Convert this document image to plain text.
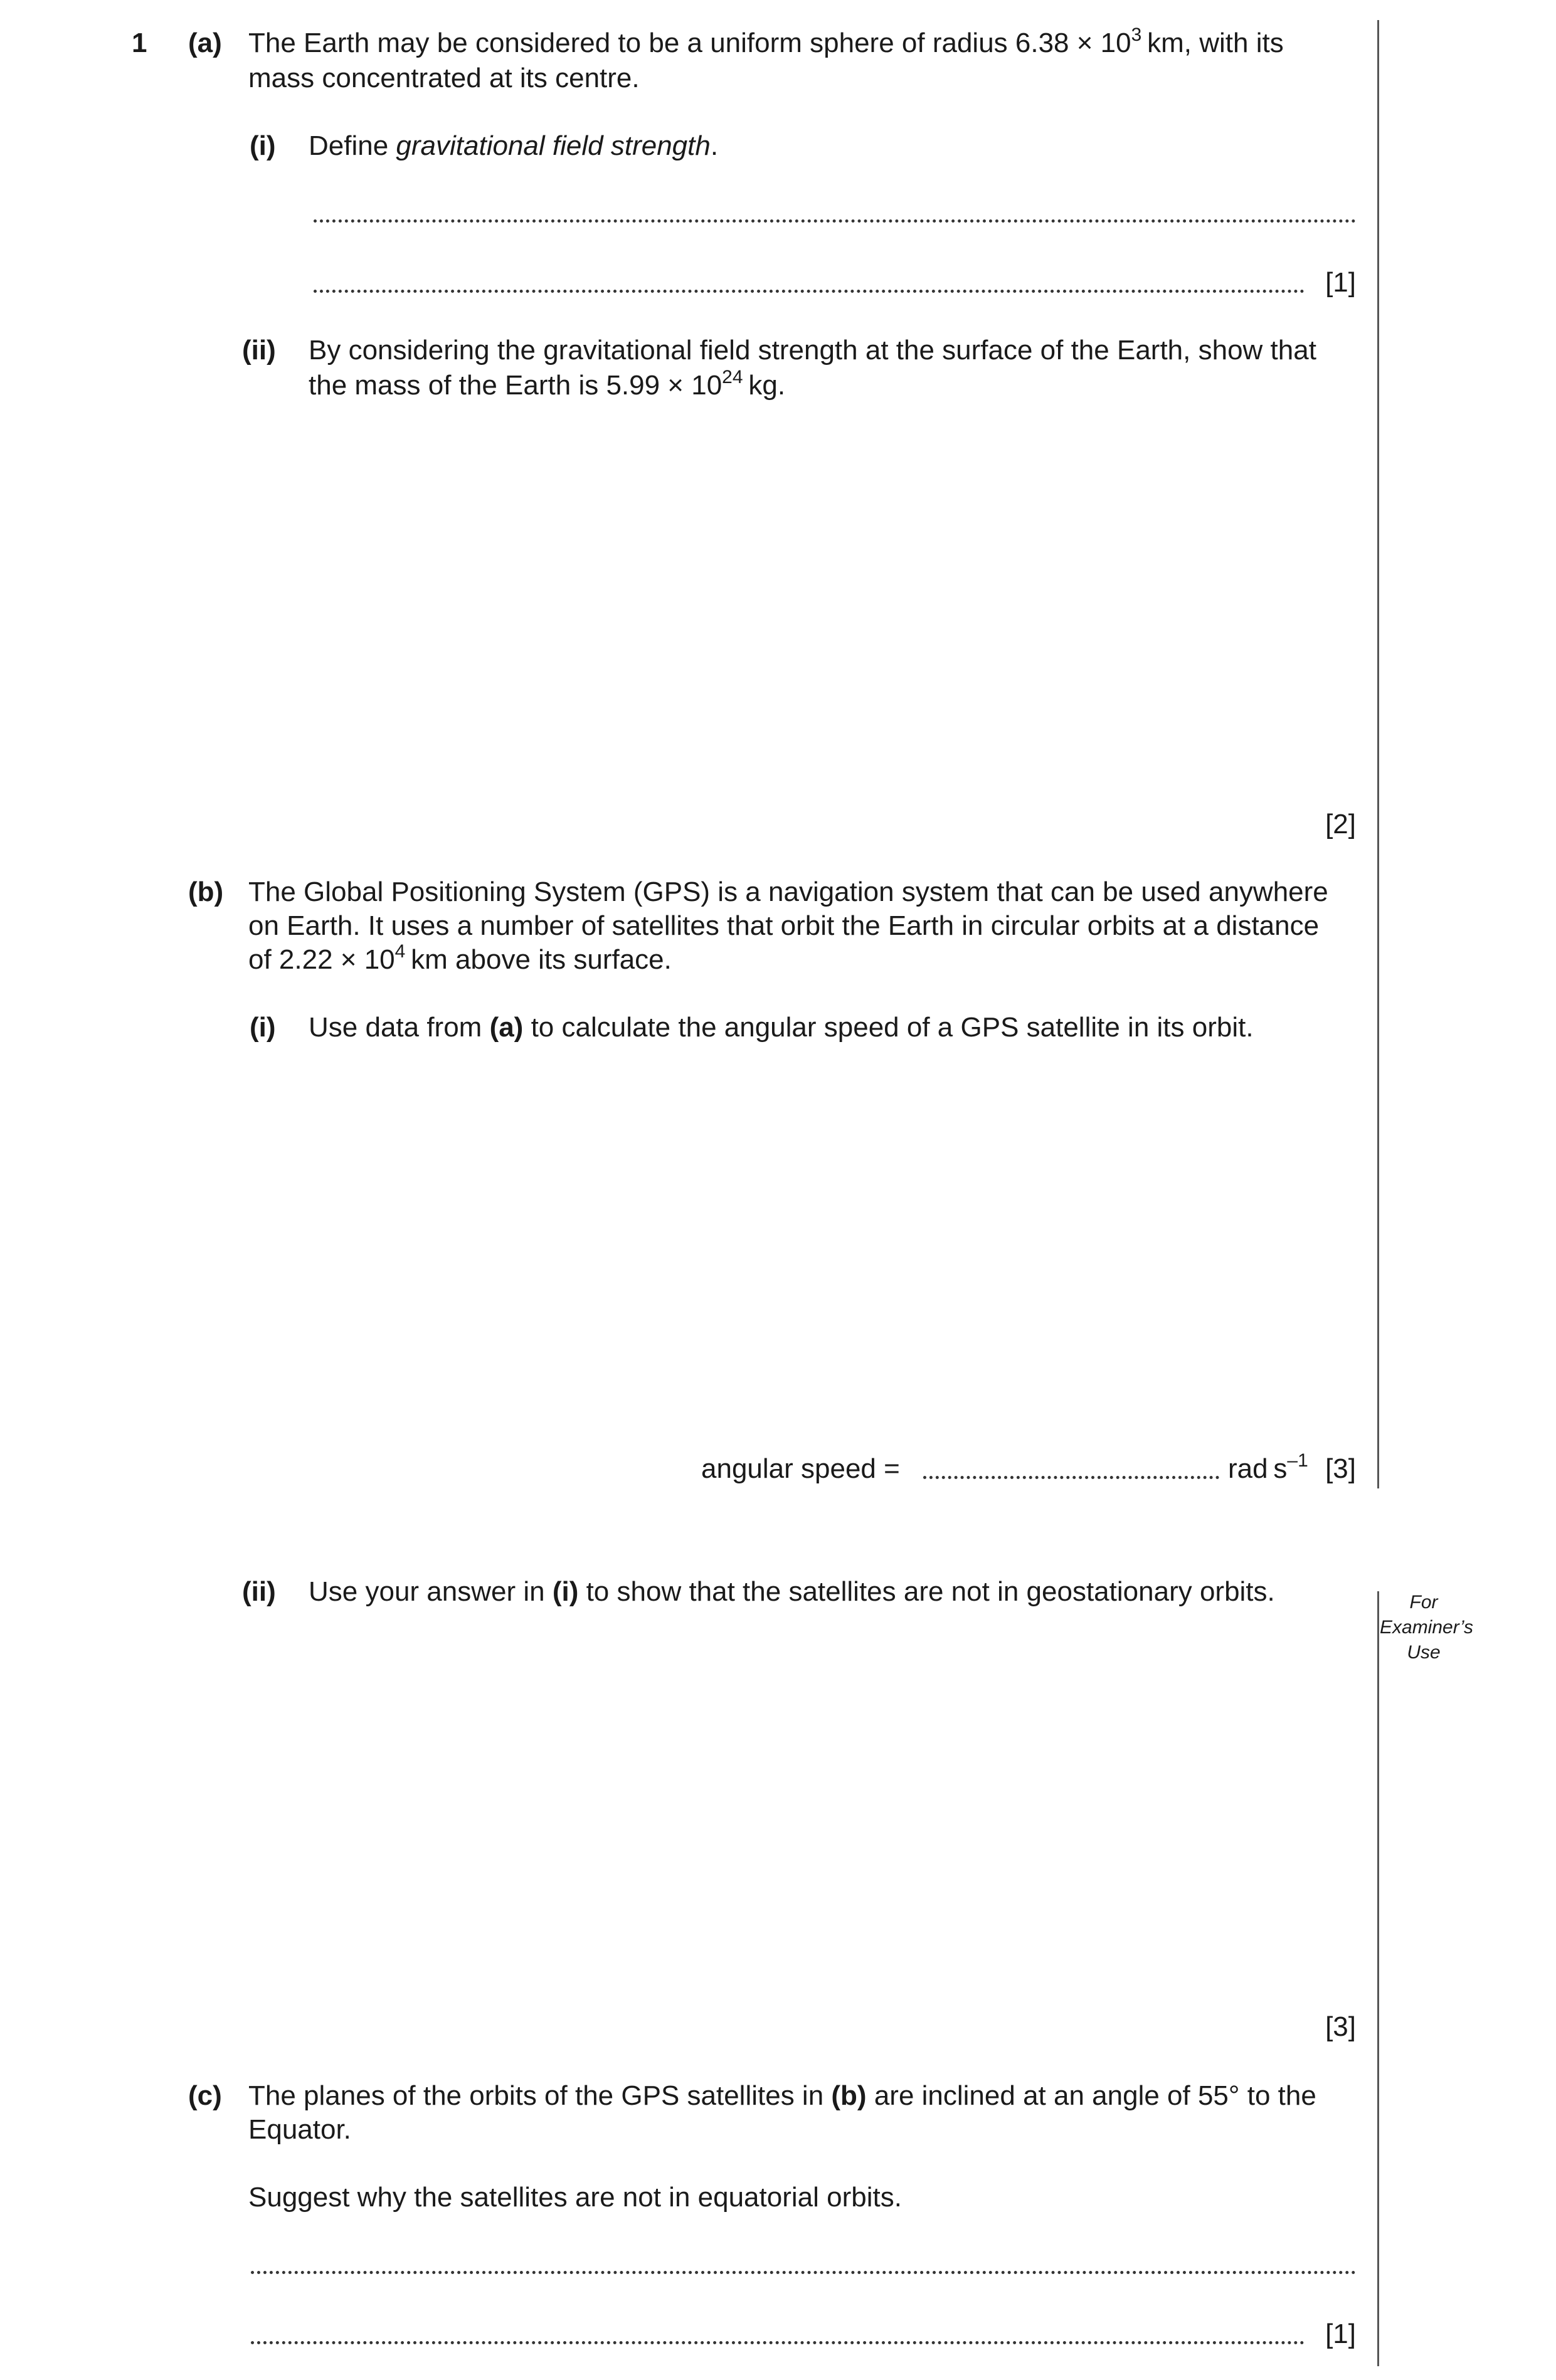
1 (a) The Earth may be considered to be a uniform sphere of radius $6.38 \times 10^3$ km, with its
mass concentrated at its centre.
(i) Define gravitational field strength.
[1]
(ii) By considering the gravitational field strength at the surface of the Earth, show that
the mass of the Earth is $5.99 \times 10^{24}$ kg.
[2]
(b) The Global Positioning System (GPS) is a navigation system that can be used anywhere
on Earth. It uses a number of satellites that orbit the Earth in circular orbits at a distance
of $2.22 \times 10^4$ km above its surface.
(i) Use data from (a) to calculate the angular speed of a GPS satellite in its orbit.
angular speed =	rad $s^{-1}$ [3]
(ii) Use your answer in (i) to show that the satellites are not in geostationary orbits.
[3]
(c) The planes of the orbits of the GPS satellites in (b) are inclined at an angle of 55° to the
Equator.
Suggest why the satellites are not in equatorial orbits.
[1]
For
Examiner’s
Use
